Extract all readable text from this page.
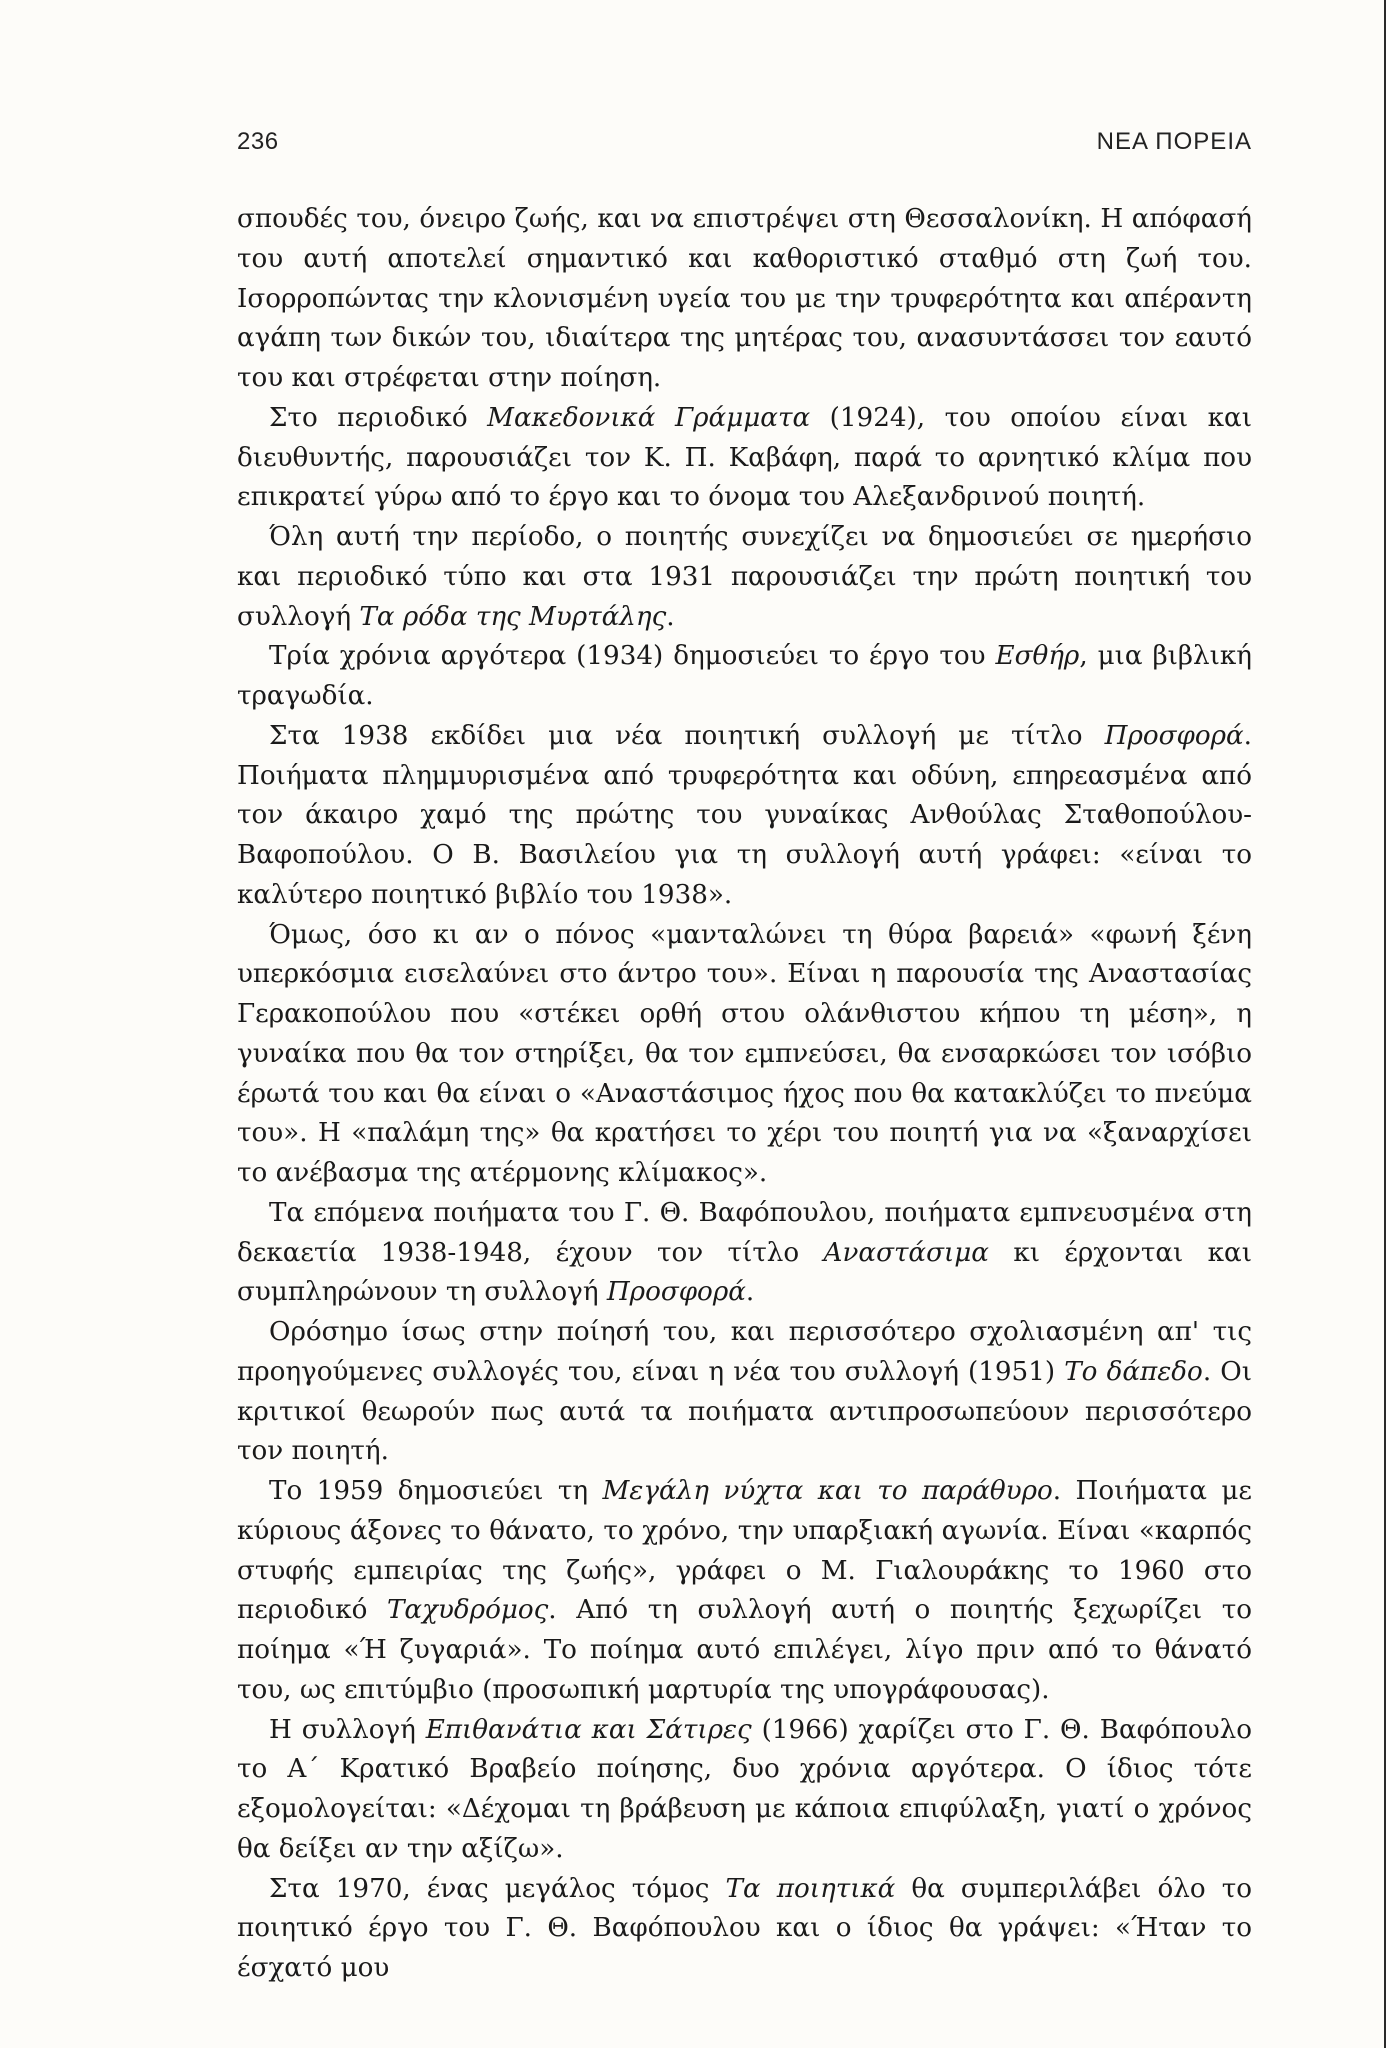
236	ΝΕΑ ΠΟΡΕΙΑ

σπουδές του, όνειρο ζωής, και να επιστρέψει στη Θεσσαλονίκη. Η απόφασή του αυτή αποτελεί σημαντικό και καθοριστικό σταθμό στη ζωή του. Ισορροπώντας την κλονισμένη υγεία του με την τρυφερότητα και απέραντη αγάπη των δικών του, ιδιαίτερα της μητέρας του, ανασυντάσσει τον εαυτό του και στρέφεται στην ποίηση.

Στο περιοδικό Μακεδονικά Γράμματα (1924), του οποίου είναι και διευθυντής, παρουσιάζει τον Κ. Π. Καβάφη, παρά το αρνητικό κλίμα που επικρατεί γύρω από το έργο και το όνομα του Αλεξανδρινού ποιητή.

Όλη αυτή την περίοδο, ο ποιητής συνεχίζει να δημοσιεύει σε ημερήσιο και περιοδικό τύπο και στα 1931 παρουσιάζει την πρώτη ποιητική του συλλογή Τα ρόδα της Μυρτάλης.

Τρία χρόνια αργότερα (1934) δημοσιεύει το έργο του Εσθήρ, μια βιβλική τραγωδία.

Στα 1938 εκδίδει μια νέα ποιητική συλλογή με τίτλο Προσφορά. Ποιήματα πλημμυρισμένα από τρυφερότητα και οδύνη, επηρεασμένα από τον άκαιρο χαμό της πρώτης του γυναίκας Ανθούλας Σταθοπούλου-Βαφοπούλου. Ο Β. Βασιλείου για τη συλλογή αυτή γράφει: «είναι το καλύτερο ποιητικό βιβλίο του 1938».

Όμως, όσο κι αν ο πόνος «μανταλώνει τη θύρα βαρειά» «φωνή ξένη υπερκόσμια εισελαύνει στο άντρο του». Είναι η παρουσία της Αναστασίας Γερακοπούλου που «στέκει ορθή στου ολάνθιστου κήπου τη μέση», η γυναίκα που θα τον στηρίξει, θα τον εμπνεύσει, θα ενσαρκώσει τον ισόβιο έρωτά του και θα είναι ο «Αναστάσιμος ήχος που θα κατακλύζει το πνεύμα του». Η «παλάμη της» θα κρατήσει το χέρι του ποιητή για να «ξαναρχίσει το ανέβασμα της ατέρμονης κλίμακος».

Τα επόμενα ποιήματα του Γ. Θ. Βαφόπουλου, ποιήματα εμπνευσμένα στη δεκαετία 1938-1948, έχουν τον τίτλο Αναστάσιμα κι έρχονται και συμπληρώνουν τη συλλογή Προσφορά.

Ορόσημο ίσως στην ποίησή του, και περισσότερο σχολιασμένη απ' τις προηγούμενες συλλογές του, είναι η νέα του συλλογή (1951) Το δάπεδο. Οι κριτικοί θεωρούν πως αυτά τα ποιήματα αντιπροσωπεύουν περισσότερο τον ποιητή.

Το 1959 δημοσιεύει τη Μεγάλη νύχτα και το παράθυρο. Ποιήματα με κύριους άξονες το θάνατο, το χρόνο, την υπαρξιακή αγωνία. Είναι «καρπός στυφής εμπειρίας της ζωής», γράφει ο Μ. Γιαλουράκης το 1960 στο περιοδικό Ταχυδρόμος. Από τη συλλογή αυτή ο ποιητής ξεχωρίζει το ποίημα «Ή ζυγαριά». Το ποίημα αυτό επιλέγει, λίγο πριν από το θάνατό του, ως επιτύμβιο (προσωπική μαρτυρία της υπογράφουσας).

Η συλλογή Επιθανάτια και Σάτιρες (1966) χαρίζει στο Γ. Θ. Βαφόπουλο το Α΄ Κρατικό Βραβείο ποίησης, δυο χρόνια αργότερα. Ο ίδιος τότε εξομολογείται: «Δέχομαι τη βράβευση με κάποια επιφύλαξη, γιατί ο χρόνος θα δείξει αν την αξίζω».

Στα 1970, ένας μεγάλος τόμος Τα ποιητικά θα συμπεριλάβει όλο το ποιητικό έργο του Γ. Θ. Βαφόπουλου και ο ίδιος θα γράψει: «Ήταν το έσχατό μου
